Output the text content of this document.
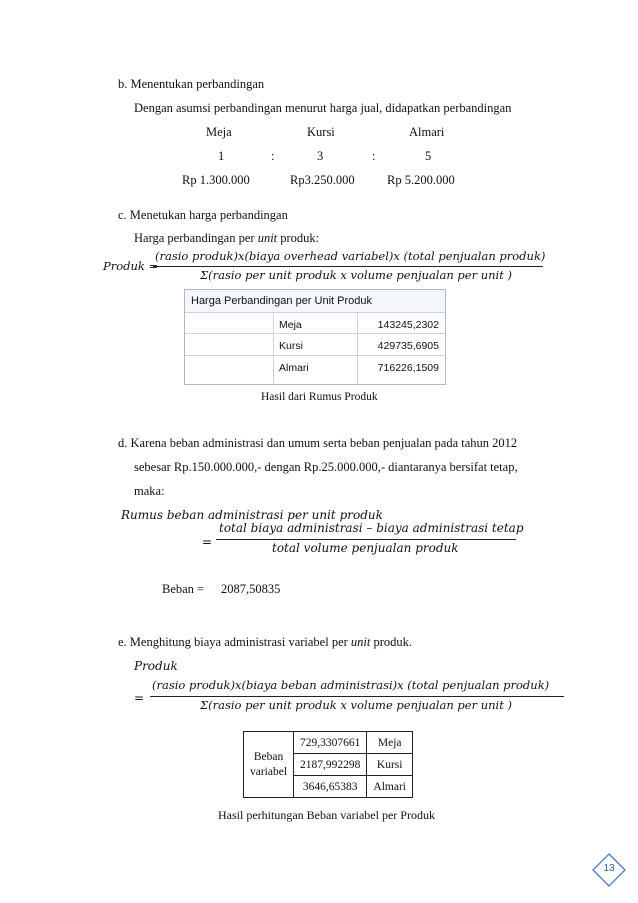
b. Menentukan perbandingan
Dengan asumsi perbandingan menurut harga jual, didapatkan perbandingan
Meja	Kursi	Almari
1	:	3	:	5
Rp 1.300.000	Rp3.250.000	Rp 5.200.000
c. Menetukan harga perbandingan
Harga perbandingan per unit produk:
Produk =
(rasio produk)x(biaya overhead variabel)x (total penjualan produk)
Σ(rasio per unit produk x volume penjualan per unit )
Harga Perbandingan per Unit Produk
Meja	143245,2302
Kursi	429735,6905
Almari	716226,1509
Hasil dari Rumus Produk
d. Karena beban administrasi dan umum serta beban penjualan pada tahun 2012
sebesar Rp.150.000.000,- dengan Rp.25.000.000,- diantaranya bersifat tetap,
maka:
Rumus beban administrasi per unit produk
=
total biaya administrasi – biaya administrasi tetap
total volume penjualan produk
Beban = 2087,50835
e. Menghitung biaya administrasi variabel per unit produk.
Produk
=
(rasio produk)x(biaya beban administrasi)x (total penjualan produk)
Σ(rasio per unit produk x volume penjualan per unit )
Beban
variabel	729,3307661	Meja
	2187,992298	Kursi
	3646,65383	Almari
Hasil perhitungan Beban variabel per Produk
13
